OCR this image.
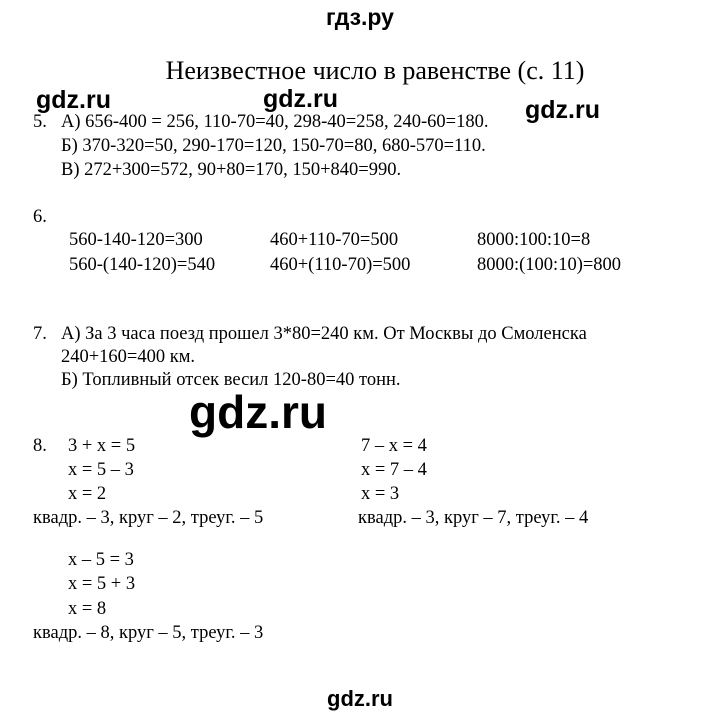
гдз.ру
Неизвестное число в равенстве (с. 11)
gdz.ru	gdz.ru
5. А) 656-400 = 256, 110-70=40, 298-40=258, 240-60=180.
Б) 370-320=50, 290-170=120, 150-70=80, 680-570=110.
В) 272+300=572, 90+80=170, 150+840=990.
gdz.ru
6.
560-140-120=300	460+110-70=500	8000:100:10=8
560-(140-120)=540	460+(110-70)=500	8000:(100:10)=800
7. А) За 3 часа поезд прошел 3*80=240 км. От Москвы до Смоленска
240+160=400 км.
Б) Топливный отсек весил 120-80=40 тонн.
gdz.ru
8. 3 + x = 5
x = 5 – 3
x = 2
квадр. – 3, круг – 2, треуг. – 5
7 – x = 4
x = 7 – 4
x = 3
квадр. – 3, круг – 7, треуг. – 4
x – 5 = 3
x = 5 + 3
x = 8
квадр. – 8, круг – 5, треуг. – 3
gdz.ru
